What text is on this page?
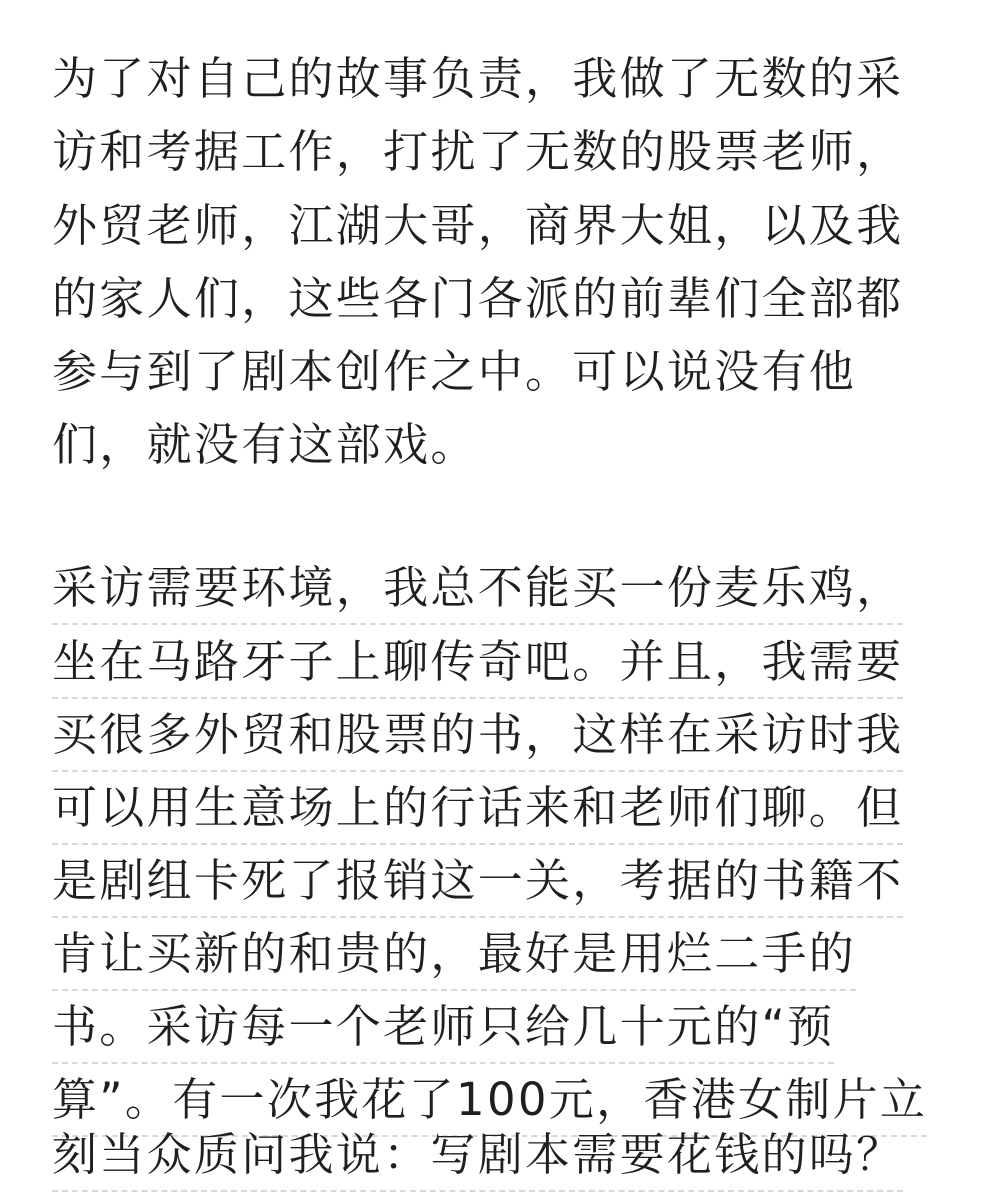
为了对自己的故事负责，我做了无数的采
访和考据工作，打扰了无数的股票老师，
外贸老师，江湖大哥，商界大姐，以及我
的家人们，这些各门各派的前辈们全部都
参与到了剧本创作之中。可以说没有他
们，就没有这部戏。
采访需要环境，我总不能买一份麦乐鸡，
坐在马路牙子上聊传奇吧。并且，我需要
买很多外贸和股票的书，这样在采访时我
可以用生意场上的行话来和老师们聊。但
是剧组卡死了报销这一关，考据的书籍不
肯让买新的和贵的，最好是用烂二手的
书。采访每一个老师只给几十元的“预
算”。有一次我花了100元，香港女制片立
刻当众质问我说：写剧本需要花钱的吗？
